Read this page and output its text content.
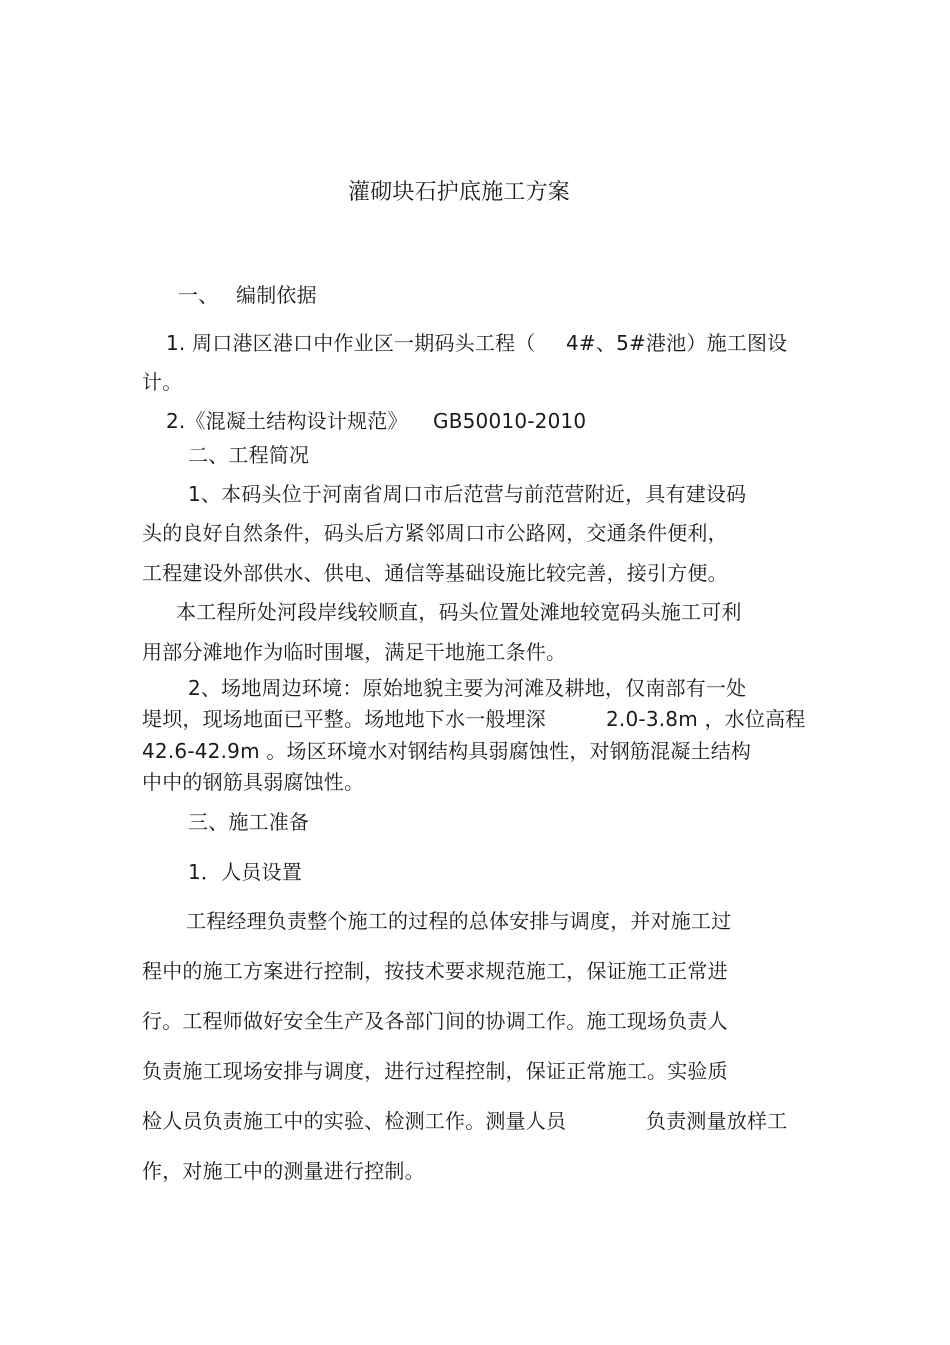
灌砌块石护底施工方案
一、 编制依据
1. 周口港区港口中作业区一期码头工程（ 4#、5#港池）施工图设
计。
2.《混凝土结构设计规范》 GB50010-2010
二、工程简况
1、本码头位于河南省周口市后范营与前范营附近，具有建设码
头的良好自然条件，码头后方紧邻周口市公路网，交通条件便利，
工程建设外部供水、供电、通信等基础设施比较完善，接引方便。
本工程所处河段岸线较顺直，码头位置处滩地较宽码头施工可利
用部分滩地作为临时围堰，满足干地施工条件。
2、场地周边环境：原始地貌主要为河滩及耕地，仅南部有一处
堤坝，现场地面已平整。场地地下水一般埋深	2.0-3.8m ，水位高程
42.6-42.9m 。场区环境水对钢结构具弱腐蚀性，对钢筋混凝土结构
中中的钢筋具弱腐蚀性。
三、施工准备
1．人员设置
工程经理负责整个施工的过程的总体安排与调度，并对施工过
程中的施工方案进行控制，按技术要求规范施工，保证施工正常进
行。工程师做好安全生产及各部门间的协调工作。施工现场负责人
负责施工现场安排与调度，进行过程控制，保证正常施工。实验质
检人员负责施工中的实验、检测工作。测量人员	负责测量放样工
作，对施工中的测量进行控制。
